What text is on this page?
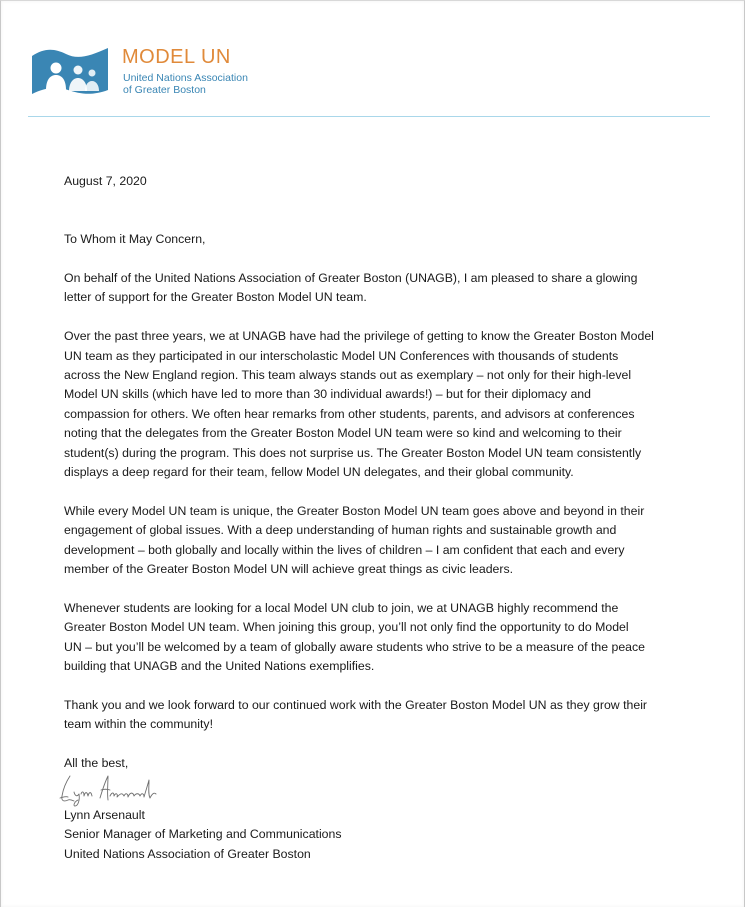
MODEL UN
United Nations Association
of Greater Boston

August 7, 2020

To Whom it May Concern,

On behalf of the United Nations Association of Greater Boston (UNAGB), I am pleased to share a glowing
letter of support for the Greater Boston Model UN team.

Over the past three years, we at UNAGB have had the privilege of getting to know the Greater Boston Model
UN team as they participated in our interscholastic Model UN Conferences with thousands of students
across the New England region. This team always stands out as exemplary – not only for their high-level
Model UN skills (which have led to more than 30 individual awards!) – but for their diplomacy and
compassion for others. We often hear remarks from other students, parents, and advisors at conferences
noting that the delegates from the Greater Boston Model UN team were so kind and welcoming to their
student(s) during the program. This does not surprise us. The Greater Boston Model UN team consistently
displays a deep regard for their team, fellow Model UN delegates, and their global community.

While every Model UN team is unique, the Greater Boston Model UN team goes above and beyond in their
engagement of global issues. With a deep understanding of human rights and sustainable growth and
development – both globally and locally within the lives of children – I am confident that each and every
member of the Greater Boston Model UN will achieve great things as civic leaders.

Whenever students are looking for a local Model UN club to join, we at UNAGB highly recommend the
Greater Boston Model UN team. When joining this group, you’ll not only find the opportunity to do Model
UN – but you’ll be welcomed by a team of globally aware students who strive to be a measure of the peace
building that UNAGB and the United Nations exemplifies.

Thank you and we look forward to our continued work with the Greater Boston Model UN as they grow their
team within the community!

All the best,

Lynn Arsenault
Senior Manager of Marketing and Communications
United Nations Association of Greater Boston
